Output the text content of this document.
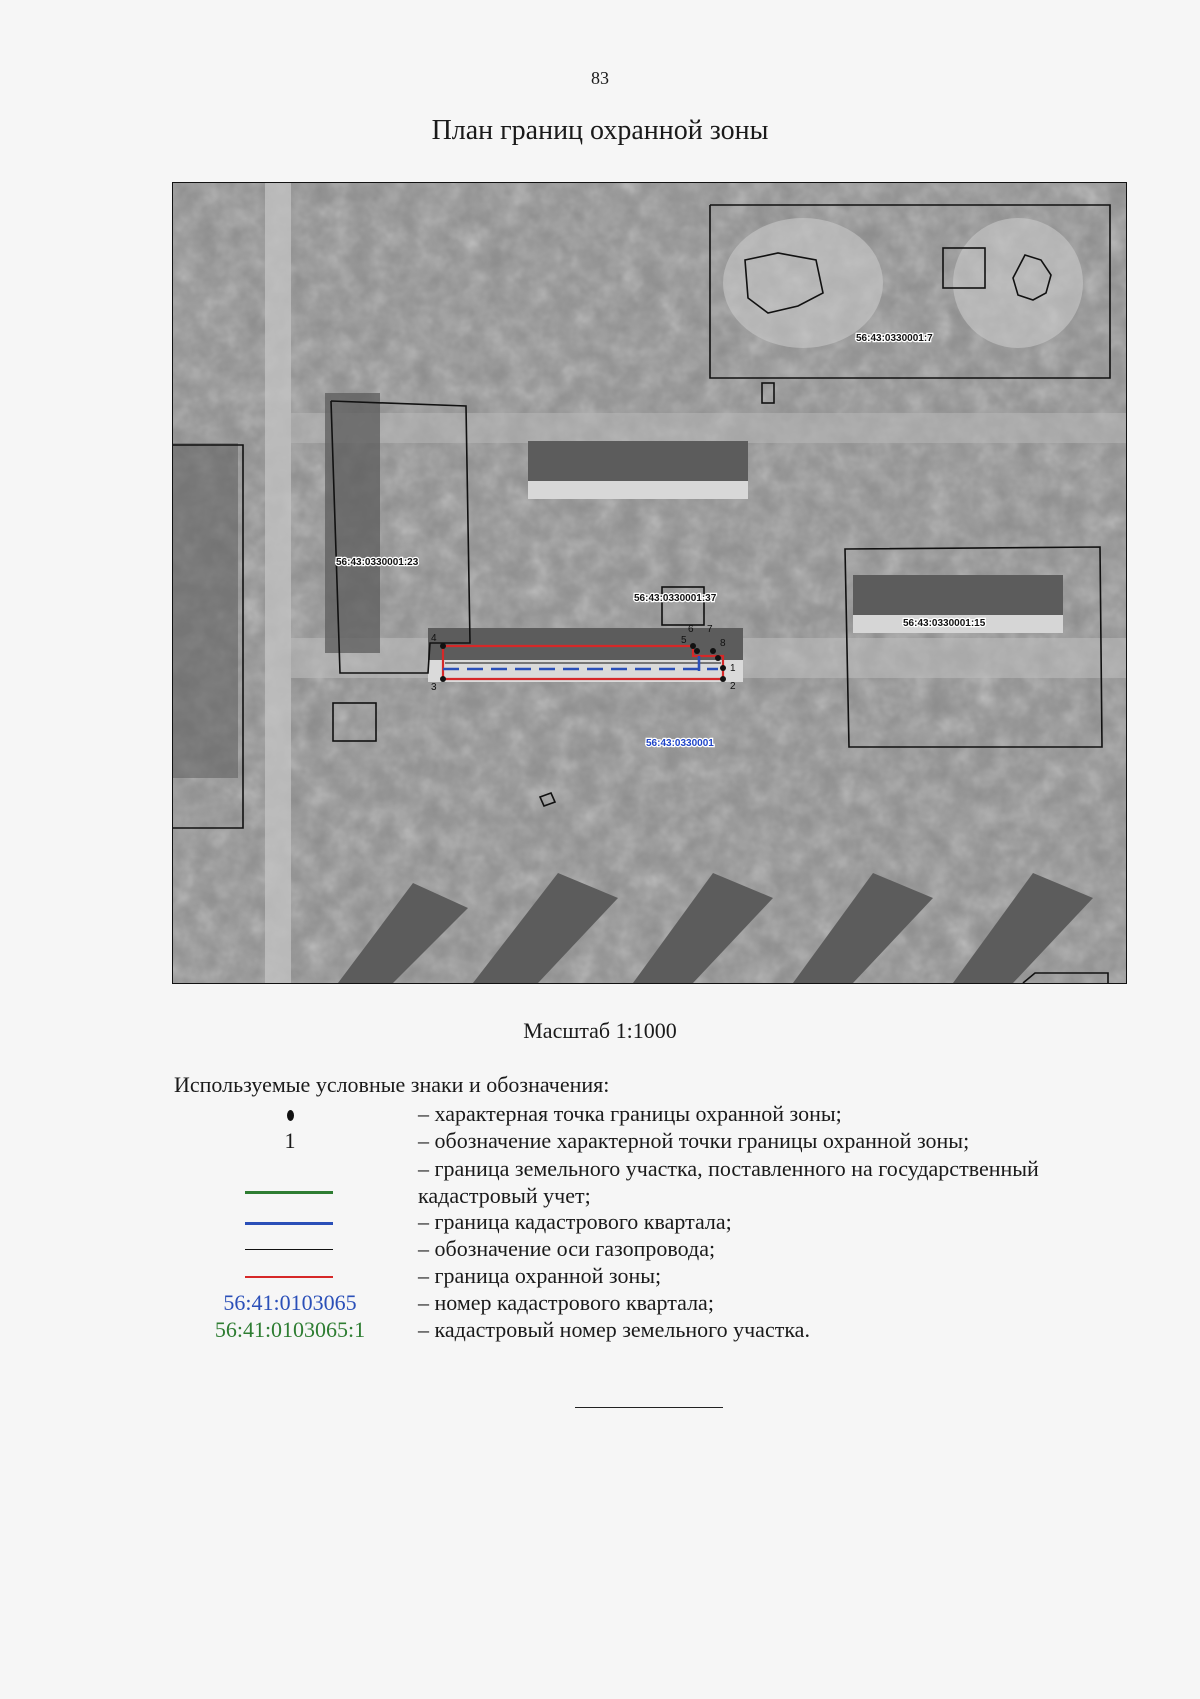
83
План границ охранной зоны
1
2
3
4	5
6 7
8
56:43:0330001:7
56:43:0330001:23
56:43:0330001:37
56:43:0330001:15
56:43:0330001
Масштаб 1:1000
Используемые условные знаки и обозначения:
– характерная точка границы охранной зоны;
1	– обозначение характерной точки границы охранной зоны;
– граница земельного участка, поставленного на государственный кадастровый учет;
– граница кадастрового квартала;
– обозначение оси газопровода;
– граница охранной зоны;
56:41:0103065	– номер кадастрового квартала;
56:41:0103065:1 – кадастровый номер земельного участка.
